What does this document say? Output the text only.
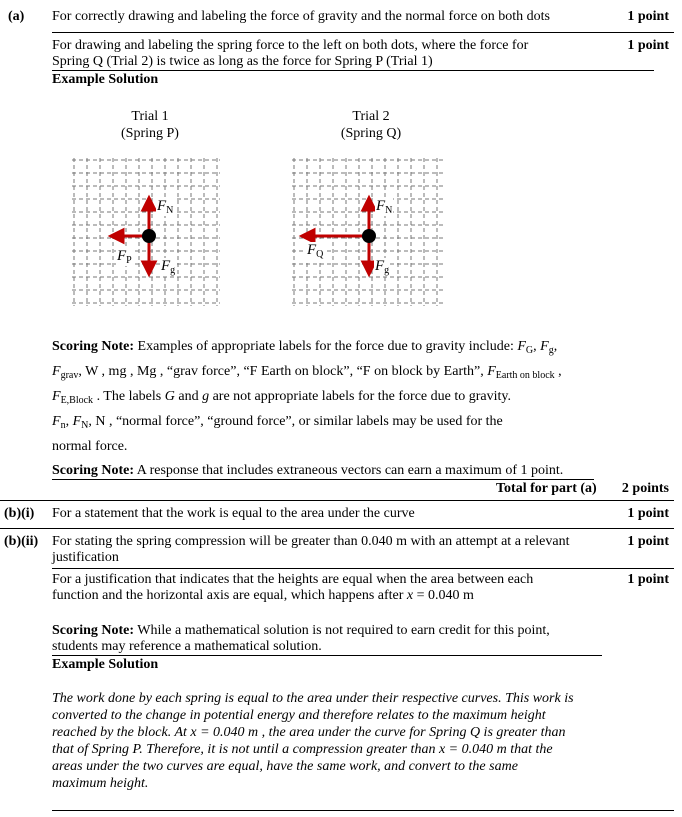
(a) For correctly drawing and labeling the force of gravity and the normal force on both dots	1 point
For drawing and labeling the spring force to the left on both dots, where the force for
Spring Q (Trial 2) is twice as long as the force for Spring P (Trial 1)
1 point
Example Solution
Trial 1
(Spring P)
Trial 2
(Spring Q)
$F_N$
$F_P$ $F_g$
$F_N$
$F_Q$
$F_g$
Scoring Note: Examples of appropriate labels for the force due to gravity include: $F_G$, $F_g$,
$F_{grav}$, W , mg , Mg , “grav force”, “F Earth on block”, “F on block by Earth”, $F_{Earth on block}$ ,
$F_{E,Block}$ . The labels G and g are not appropriate labels for the force due to gravity.
$F_n$, $F_N$, N , “normal force”, “ground force”, or similar labels may be used for the
normal force.
Scoring Note: A response that includes extraneous vectors can earn a maximum of 1 point.
Total for part (a) 2 points
(b)(i) For a statement that the work is equal to the area under the curve	1 point
(b)(ii) For stating the spring compression will be greater than 0.040 m with an attempt at a relevant
justification
1 point
For a justification that indicates that the heights are equal when the area between each
function and the horizontal axis are equal, which happens after x = 0.040 m
1 point
Scoring Note: While a mathematical solution is not required to earn credit for this point,
students may reference a mathematical solution.
Example Solution
The work done by each spring is equal to the area under their respective curves. This work is
converted to the change in potential energy and therefore relates to the maximum height
reached by the block. At x = 0.040 m , the area under the curve for Spring Q is greater than
that of Spring P. Therefore, it is not until a compression greater than x = 0.040 m that the
areas under the two curves are equal, have the same work, and convert to the same
maximum height.
